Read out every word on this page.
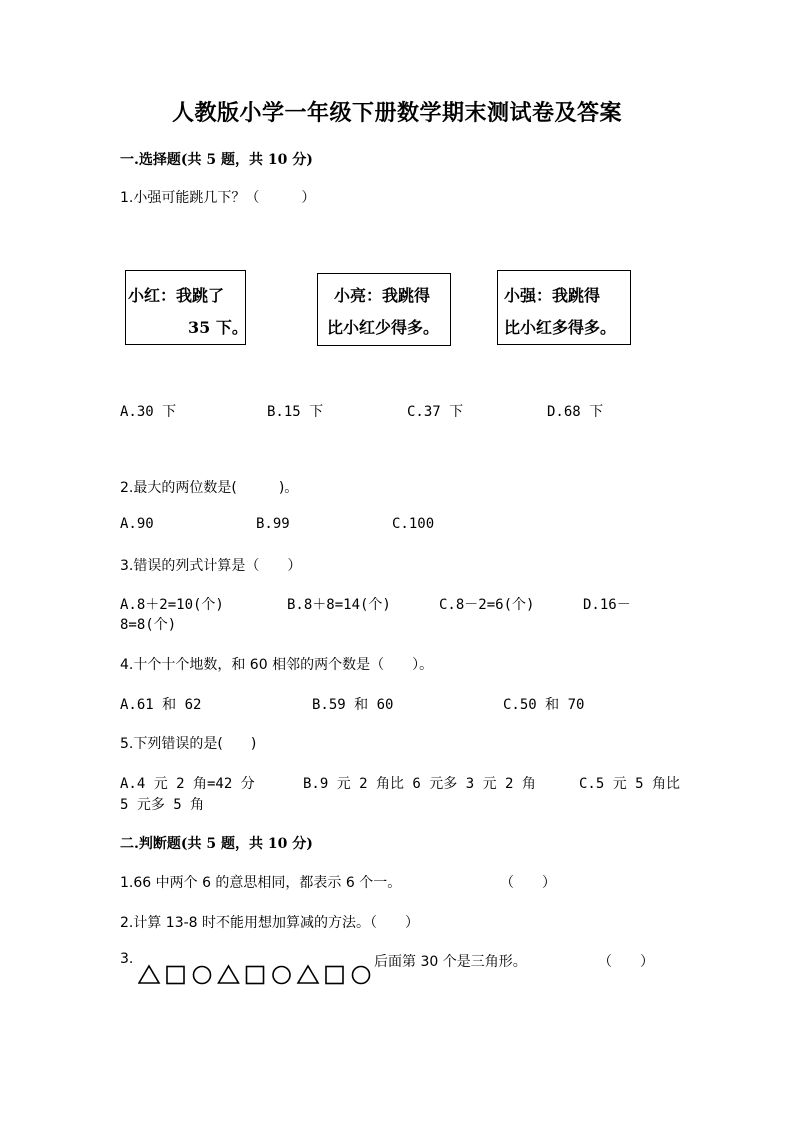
人教版小学一年级下册数学期末测试卷及答案
一.选择题(共 5 题，共 10 分)
1.小强可能跳几下？（　　　）
小红：我跳了
35 下。
小亮：我跳得
比小红少得多。
小强：我跳得
比小红多得多。
A.30 下	B.15 下	C.37 下	D.68 下
2.最大的两位数是(　　　)。
A.90	B.99	C.100
3.错误的列式计算是（　　）
A.8＋2=10(个)	B.8＋8=14(个)	C.8－2=6(个)	D.16－
8=8(个)
4.十个十个地数，和 60 相邻的两个数是（　　）。
A.61 和 62	B.59 和 60	C.50 和 70
5.下列错误的是(　　)
A.4 元 2 角=42 分	B.9 元 2 角比 6 元多 3 元 2 角	C.5 元 5 角比
5 元多 5 角
二.判断题(共 5 题，共 10 分)
1.66 中两个 6 的意思相同，都表示 6 个一。	（　　）
2.计算 13-8 时不能用想加算减的方法。（　　）
3.	后面第 30 个是三角形。	（　　）
